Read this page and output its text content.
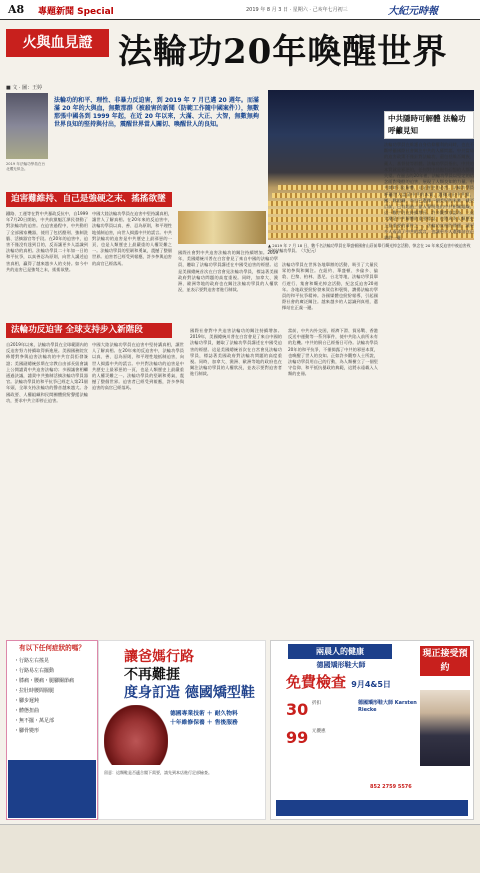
A8 專題新聞 Special	2019 年 8 月 3 日 · 星期六 · 己亥年七月初三	大紀元時報
火與血見證 法輪功20年喚醒世界
■ 文 · 圖：王婷
2019 年法輪功學員在台北燭光悼念。
法輪功的和平、理性、非暴力反迫害，到 2019 年 7 月已邁 20 週年。而滿滿 20 年的大與血，無數那群（被殺害的新聞（防範工作隨中國案件）），無數那張中國各到 1999 年起，在近 20 年以來，大滿、大正、大智，無數無夠世界良知的堅持與付出，震醒世界當人關切、喚醒世人的良知。
▲ 2019 年 7 月 18 日，數千名法輪功學員在華盛頓國會山莊前舉行燭光悼念活動，悼念在 20 年來反迫害中被迫害致死的法輪功學員。（大紀元）
迫害難維持、自己是強硬之末、搖搖欲墜
鐵路、工運等在對中共暴政反抗中，自1999年7月20日開始，中共前黨魁江澤民發動了對法輪功的迫害。在迫害過程中，中共動用了全部國家機器，使用了包括酷刑、強制洗腦、活摘器官等手段。在20年的迫害中，迫害不僅沒有達到目的，反而讓更多人認識到法輪功的真相。法輪功學員二十年如一日的和平抗爭，以真善忍為原則，向世人講述迫害真相，贏得了越來越多人的支持。如今中共的迫害已是強弩之末，搖搖欲墜。
中國大陸法輪功學員在迫害中堅持講真相，讓世人了解真相。在20年來的反迫害中，法輪功學員以真、善、忍為原則，和平理性地抵制迫害，向世人揭露中共的謊言。中共對法輪功的迫害是中共歷史上最邪惡的一頁，也是人類歷史上最嚴重的人權災難之一。法輪功學員的堅韌和勇氣，震撼了整個世界。迫害者已經受到報應，許多參與迫害的高官已經落馬。
國際社會對中共迫害法輪功的關注持續增加。2019年，美國總統川普在白宮會見了來自中國的法輪功學員，聽取了法輪功學員講述在中國受迫害的經歷。這是美國總統首次在白宮會見法輪功學員，標誌著美國政府對法輪功問題的高度重視。同時，加拿大、澳洲、歐洲等地的政府也在關注法輪功學員的人權狀況，並表示要對迫害者進行制裁。
法輪功學員在世界各地舉辦的活動，吸引了大量民眾的參與和關注。在紐約、華盛頓、多倫多、倫敦、巴黎、柏林、悉尼、台北等地，法輪功學員舉行遊行、集會和燭光悼念活動，紀念反迫害20週年。各地政要紛紛發來賀信和褒獎，讚揚法輪功學員的和平抗爭精神。各國媒體也紛紛報導，引起國際社會的廣泛關注。越來越多的人認識到真相，選擇站在正義一邊。
法輪功反迫害 全球支持步入新階段
自2019年以來，法輪功學員在全球範圍內的反迫害努力持續取得新進展。美國國務院宣佈將對參與迫害法輪功的中共官員拒發簽證；美國副總統彭斯在宗教自由部長級會議上公開譴責中共迫害法輪功；多國議會相繼通過決議，譴責中共強制活摘法輪功學員器官。法輪功學員的和平抗爭已經走入第21個年頭，全球支持法輪功的聲音越來越大。各國政要、人權組織和民間團體紛紛聲援法輪功，要求中共立即停止迫害。
中國大陸法輪功學員在迫害中堅持講真相，讓世人了解真相。在20年來的反迫害中，法輪功學員以真、善、忍為原則，和平理性地抵制迫害，向世人揭露中共的謊言。中共對法輪功的迫害是中共歷史上最邪惡的一頁，也是人類歷史上最嚴重的人權災難之一。法輪功學員的堅韌和勇氣，震撼了整個世界。迫害者已經受到報應，許多參與迫害的高官已經落馬。
國際社會對中共迫害法輪功的關注持續增加。2019年，美國總統川普在白宮會見了來自中國的法輪功學員，聽取了法輪功學員講述在中國受迫害的經歷。這是美國總統首次在白宮會見法輪功學員，標誌著美國政府對法輪功問題的高度重視。同時，加拿大、澳洲、歐洲等地的政府也在關注法輪功學員的人權狀況，並表示要對迫害者進行制裁。
當前，中共內外交困，經濟下滑、貿易戰、香港反送中運動等一系列事件，使中共陷入前所未有的危機。中共的倒台已經指日可待。法輪功學員20年的和平抗爭，不僅揭露了中共的邪惡本質，也喚醒了世人的良知。正如許多觀察人士所說，法輪功學員用自己的行動，為人類樹立了一個堅守信仰、和平抵抗暴政的典範，這將永遠載入人類的史冊。
中共隱時可解體 法輪功呼籲見知
法輪功學員在維護自身信仰權利的同時，也在不斷呼籲國際社會關注中共的人權問題。中共當局的迫害政策不僅針對法輪功，還包括維吾爾族、藏人、基督徒等群體。法輪功學員指出，中共的本質就是邪惡的，任何對中共抱有幻想的人都將失望。在過去的20年裡，法輪功學員以堅定的信念面對殘酷的迫害，展現了人類良知的力量。中共隨時可能解體，這是歷史的必然。法輪功學員呼籲世人認清中共的本質，選擇退出中共黨、團、隊組織，為自己選擇一個美好的未來。截至目前，已有超過三億人聲明退出中共相關組織，這一數字仍在持續增長。許多觀察家認為，三退大潮是中共解體的重要標誌，也將成為人類歷史上最重要的事件之一。法輪功真相的傳播，讓更多人看清了中共的謊言，也讓更多人選擇站在正義的一邊。
有以下任何症狀的嗎？
・行路左右搖晃
・行路易左右擺動
・膝痛・腰痛・腿腳關節痛
・拉肚時腰間腸腿
・腳步遲鈍
・體態扭曲
・無不擺・萬足部
・腳骨變形
讓爸媽行路
不再難捱
度身訂造 德國矯型鞋
德國專業技術 ＋ 耐久物料
十年維修保養 ＋ 售後服務
留意：這類鞋是否適合閣下需要，請先到本店進行足部檢查。
兩晨人的健康
德國矯形鞋大師
免費檢查 9月4&5日
現正接受預約
30 折扣
99 元優惠
德國矯形鞋大師 Karsten Riecke
852 2759 5576
